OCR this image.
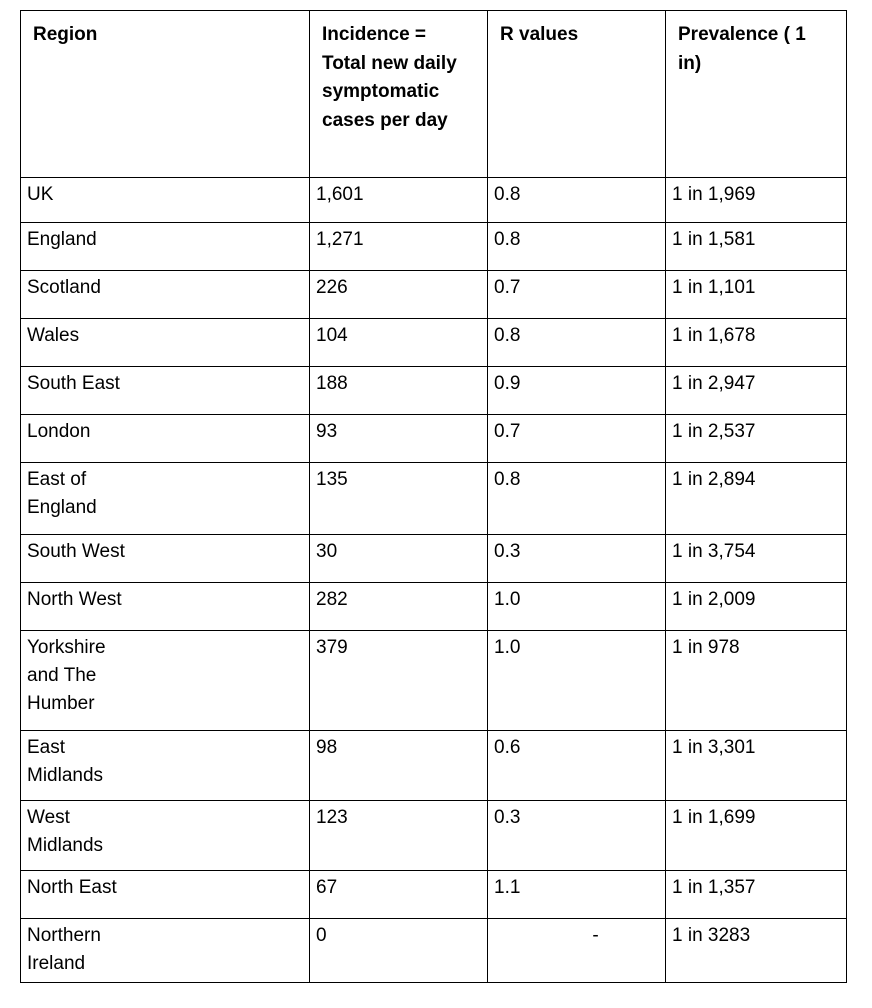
Region	Incidence = Total new daily symptomatic cases per day	R values	Prevalence ( 1 in)

UK	1,601	0.8	1 in 1,969
England	1,271	0.8	1 in 1,581
Scotland	226	0.7	1 in 1,101
Wales	104	0.8	1 in 1,678
South East	188	0.9	1 in 2,947
London	93	0.7	1 in 2,537

East of England	135	0.8	1 in 2,894
South West	30	0.3	1 in 3,754
North West	282	1.0	1 in 2,009

Yorkshire and The Humber	379	1.0	1 in 978

East Midlands	98	0.6	1 in 3,301

West Midlands	123	0.3	1 in 1,699
North East	67	1.1	1 in 1,357

Northern Ireland	0	-	1 in 3283
